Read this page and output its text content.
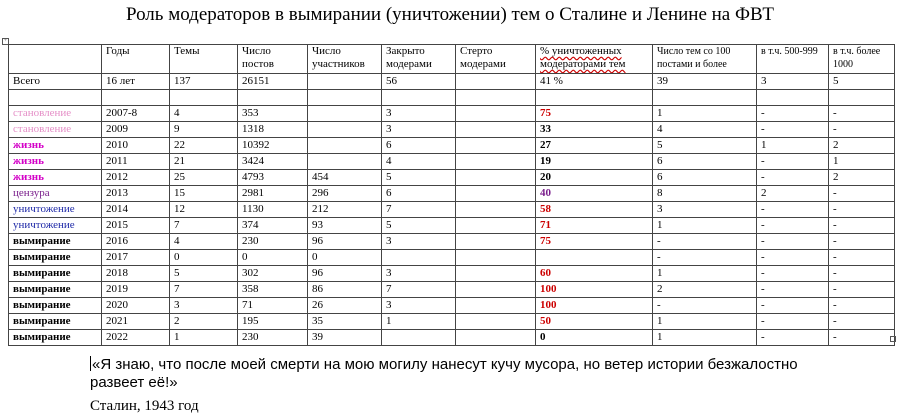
Роль модераторов в вымирании (уничтожении) тем о Сталине и Ленине на ФВТ
+
	Годы	Темы	Число постов	Число участников	Закрыто модерами	Стерто модерами	% уничтоженных модераторами тем	Число тем со 100 постами и более	в т.ч. 500-999	в т.ч. более 1000
Всего	16 лет	137	26151		56		41 %	39	3	5

становление	2007-8	4	353		3		75	1	-	-
становление	2009	9	1318		3		33	4	-	-
жизнь	2010	22	10392		6		27	5	1	2
жизнь	2011	21	3424		4		19	6	-	1
жизнь	2012	25	4793	454	5		20	6	-	2
цензура	2013	15	2981	296	6		40	8	2	-
уничтожение	2014	12	1130	212	7		58	3	-	-
уничтожение	2015	7	374	93	5		71	1	-	-
вымирание	2016	4	230	96	3		75	-	-	-
вымирание	2017	0	0	0				-	-	-
вымирание	2018	5	302	96	3		60	1	-	-
вымирание	2019	7	358	86	7		100	2	-	-
вымирание	2020	3	71	26	3		100	-	-	-
вымирание	2021	2	195	35	1		50	1	-	-
вымирание	2022	1	230	39			0	1	-	-
«Я знаю, что после моей смерти на мою могилу нанесут кучу мусора, но ветер истории безжалостно развеет её!»
Сталин, 1943 год
